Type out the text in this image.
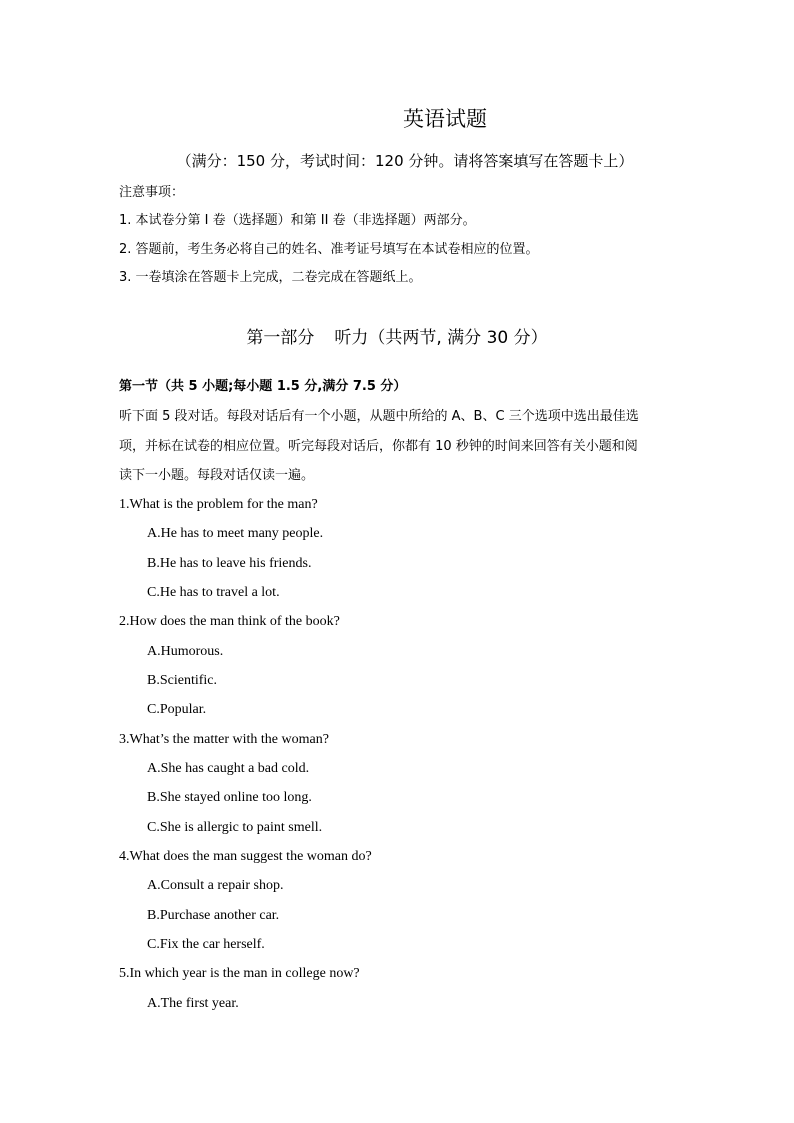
英语试题
（满分：150 分，考试时间：120 分钟。请将答案填写在答题卡上）
注意事项：
1. 本试卷分第 I 卷（选择题）和第 II 卷（非选择题）两部分。
2. 答题前，考生务必将自己的姓名、准考证号填写在本试卷相应的位置。
3. 一卷填涂在答题卡上完成，二卷完成在答题纸上。
第一部分 听力（共两节, 满分 30 分）
第一节（共 5 小题;每小题 1.5 分,满分 7.5 分）
听下面 5 段对话。每段对话后有一个小题，从题中所给的 A、B、C 三个选项中选出最佳选
项，并标在试卷的相应位置。听完每段对话后，你都有 10 秒钟的时间来回答有关小题和阅
读下一小题。每段对话仅读一遍。
1.What is the problem for the man?
A.He has to meet many people.
B.He has to leave his friends.
C.He has to travel a lot.
2.How does the man think of the book?
A.Humorous.
B.Scientific.
C.Popular.
3.What’s the matter with the woman?
A.She has caught a bad cold.
B.She stayed online too long.
C.She is allergic to paint smell.
4.What does the man suggest the woman do?
A.Consult a repair shop.
B.Purchase another car.
C.Fix the car herself.
5.In which year is the man in college now?
A.The first year.
